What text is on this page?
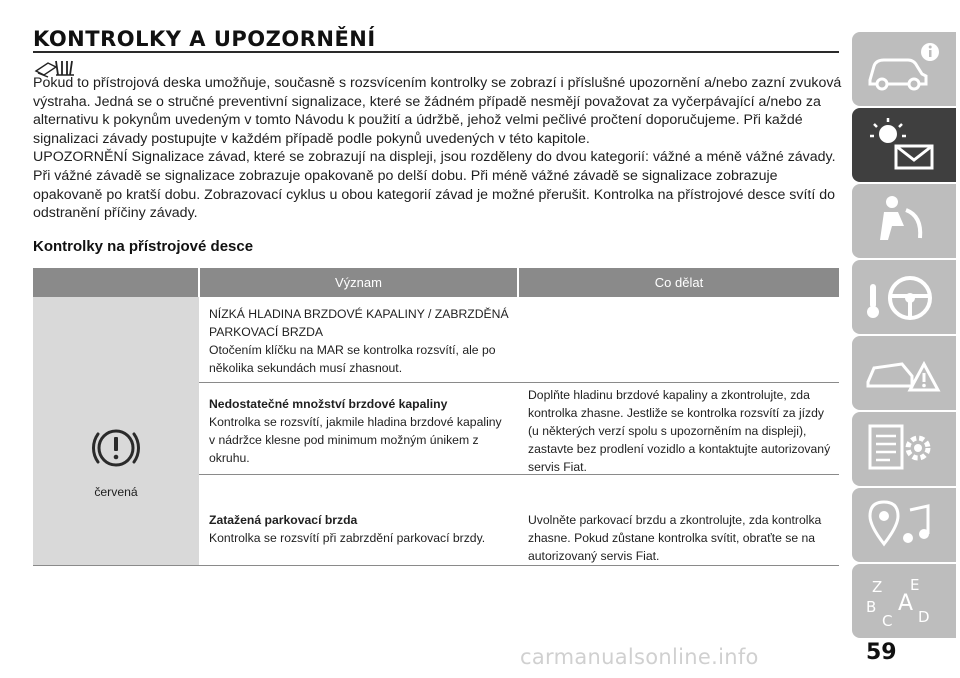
KONTROLKY A UPOZORNĚNÍ

Pokud to přístrojová deska umožňuje, současně s rozsvícením kontrolky se zobrazí i příslušné upozornění a/nebo zazní zvuková výstraha. Jedná se o stručné preventivní signalizace, které se žádném případě nesmějí považovat za vyčerpávající a/nebo za alternativu k pokynům uvedeným v tomto Návodu k použití a údržbě, jehož velmi pečlivé pročtení doporučujeme. Při každé signalizaci závady postupujte v každém případě podle pokynů uvedených v této kapitole.

UPOZORNĚNÍ Signalizace závad, které se zobrazují na displeji, jsou rozděleny do dvou kategorií: vážné a méně vážné závady. Při vážné závadě se signalizace zobrazuje opakovaně po delší dobu. Při méně vážné závadě se signalizace zobrazuje opakovaně po kratší dobu. Zobrazovací cyklus u obou kategorií závad je možné přerušit. Kontrolka na přístrojové desce svítí do odstranění příčiny závady.

Kontrolky na přístrojové desce
Význam	Co dělat
červená
NÍZKÁ HLADINA BRZDOVÉ KAPALINY / ZABRZDĚNÁ PARKOVACÍ BRZDA
Otočením klíčku na MAR se kontrolka rozsvítí, ale po několika sekundách musí zhasnout.
Nedostatečné množství brzdové kapaliny
Kontrolka se rozsvítí, jakmile hladina brzdové kapaliny v nádržce klesne pod minimum možným únikem z okruhu.
Doplňte hladinu brzdové kapaliny a zkontrolujte, zda kontrolka zhasne. Jestliže se kontrolka rozsvítí za jízdy (u některých verzí spolu s upozorněním na displeji), zastavte bez prodlení vozidlo a kontaktujte autorizovaný servis Fiat.
Zatažená parkovací brzda
Kontrolka se rozsvítí při zabrzdění parkovací brzdy.
Uvolněte parkovací brzdu a zkontrolujte, zda kontrolka zhasne. Pokud zůstane kontrolka svítit, obraťte se na autorizovaný servis Fiat.
Z E
B A
C D
carmanualsonline.info	59
